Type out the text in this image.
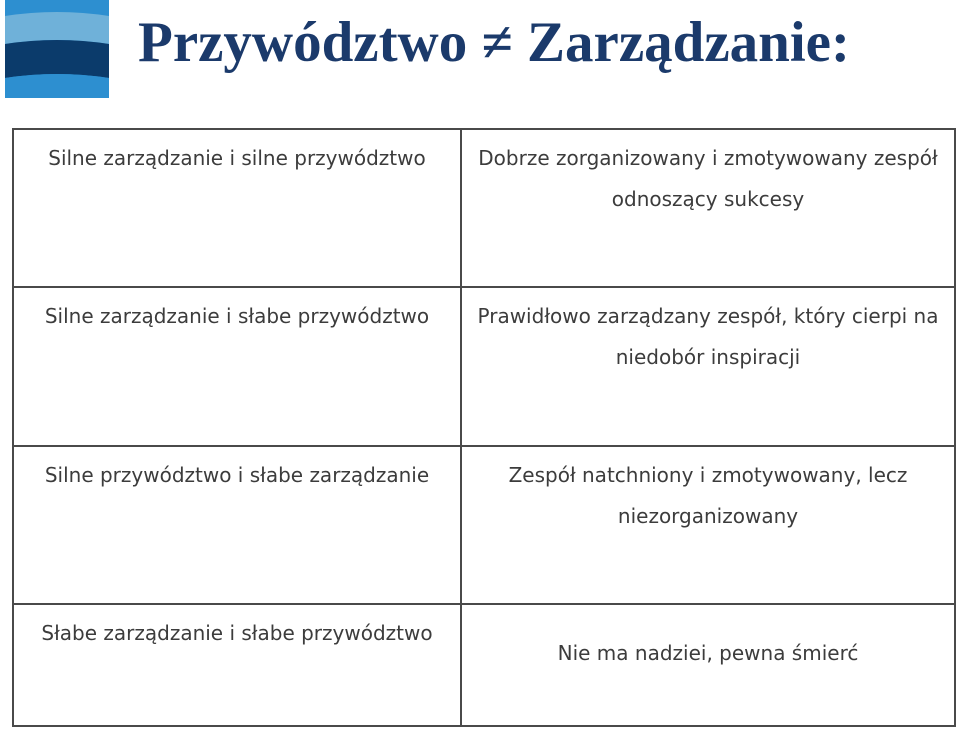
Przywództwo ≠ Zarządzanie:
Silne zarządzanie i silne przywództwo	Dobrze zorganizowany i zmotywowany zespół odnoszący sukcesy

Silne zarządzanie i słabe przywództwo	Prawidłowo zarządzany zespół, który cierpi na niedobór inspiracji

Silne przywództwo i słabe zarządzanie	Zespół natchniony i zmotywowany, lecz niezorganizowany

Słabe zarządzanie i słabe przywództwo	Nie ma nadziei, pewna śmierć
